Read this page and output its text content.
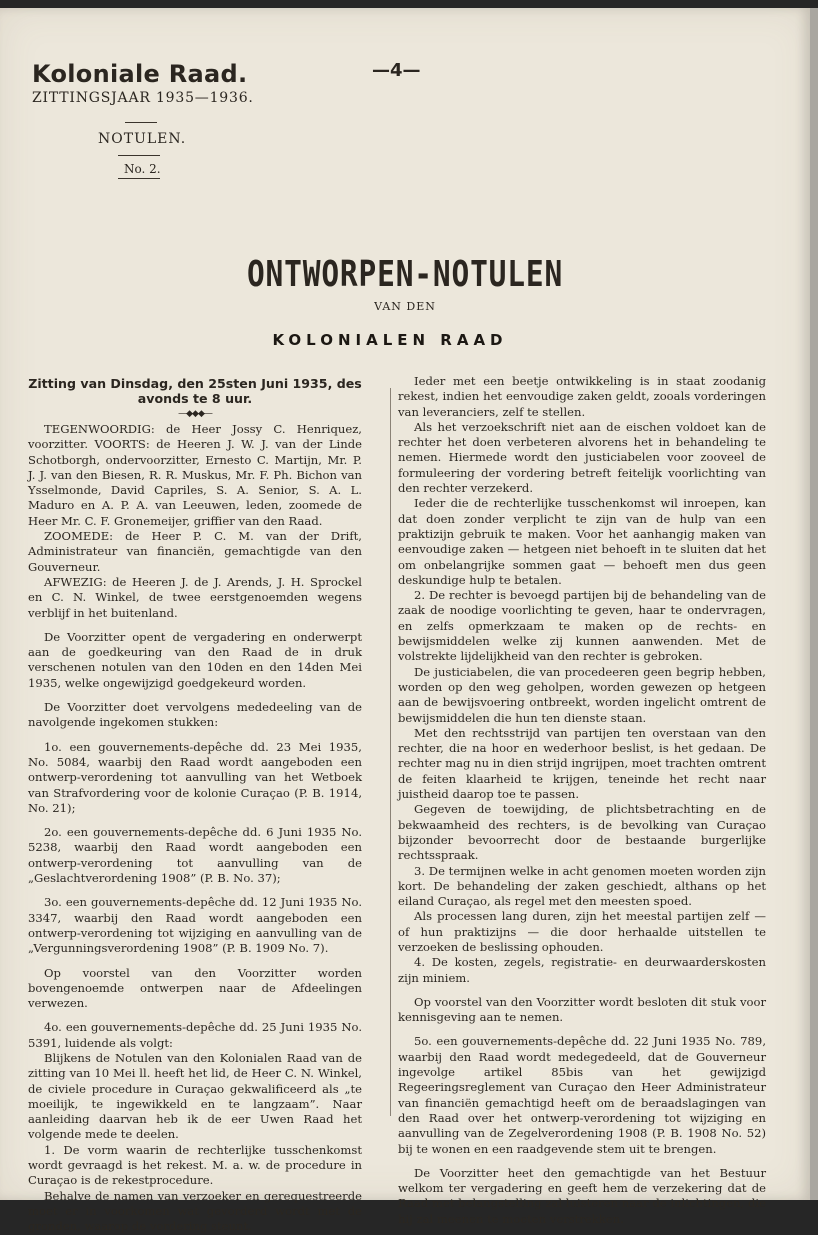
Koloniale Raad.
ZITTINGSJAAR 1935—1936.
—4—
NOTULEN.
No. 2.
ONTWORPEN-NOTULEN
VAN DEN
KOLONIALEN RAAD

Zitting van Dinsdag, den 25sten Juni 1935, des avonds te 8 uur.

—◆◆◆—

TEGENWOORDIG: de Heer Jossy C. Henriquez, voorzitter. VOORTS: de Heeren J. W. J. van der Linde Schotborgh, ondervoorzitter, Ernesto C. Martijn, Mr. P. J. J. van den Biesen, R. R. Muskus, Mr. F. Ph. Bichon van Ysselmonde, David Capriles, S. A. Senior, S. A. L. Maduro en A. P. A. van Leeuwen, leden, zoomede de Heer Mr. C. F. Gronemeijer, griffier van den Raad.

ZOOMEDE: de Heer P. C. M. van der Drift, Administrateur van financiën, gemachtigde van den Gouverneur.

AFWEZIG: de Heeren J. de J. Arends, J. H. Sprockel en C. N. Winkel, de twee eerstgenoemden wegens verblijf in het buitenland.

De Voorzitter opent de vergadering en onderwerpt aan de goedkeuring van den Raad de in druk verschenen notulen van den 10den en den 14den Mei 1935, welke ongewijzigd goedgekeurd worden.

De Voorzitter doet vervolgens mededeeling van de navolgende ingekomen stukken:

1o. een gouvernements-depêche dd. 23 Mei 1935, No. 5084, waarbij den Raad wordt aangeboden een ontwerp-verordening tot aanvulling van het Wetboek van Strafvordering voor de kolonie Curaçao (P. B. 1914, No. 21);

2o. een gouvernements-depêche dd. 6 Juni 1935 No. 5238, waarbij den Raad wordt aangeboden een ontwerp-verordening tot aanvulling van de „Geslachtverordening 1908” (P. B. No. 37);

3o. een gouvernements-depêche dd. 12 Juni 1935 No. 3347, waarbij den Raad wordt aangeboden een ontwerp-verordening tot wijziging en aanvulling van de „Vergunningsverordening 1908” (P. B. 1909 No. 7).

Op voorstel van den Voorzitter worden bovengenoemde ontwerpen naar de Afdeelingen verwezen.

4o. een gouvernements-depêche dd. 25 Juni 1935 No. 5391, luidende als volgt:

Blijkens de Notulen van den Kolonialen Raad van de zitting van 10 Mei ll. heeft het lid, de Heer C. N. Winkel, de civiele procedure in Curaçao gekwalificeerd als „te moeilijk, te ingewikkeld en te langzaam”. Naar aanleiding daarvan heb ik de eer Uwen Raad het volgende mede te deelen.

1. De vorm waarin de rechterlijke tusschenkomst wordt gevraagd is het rekest. M. a. w. de procedure in Curaçao is de rekestprocedure.

Behalve de namen van verzoeker en gerequestreerde moet er in voorkomen wat gevorderd wordt met de gronden, waarop de vordering steunt.

Ieder met een beetje ontwikkeling is in staat zoodanig rekest, indien het eenvoudige zaken geldt, zooals vorderingen van leveranciers, zelf te stellen.

Als het verzoekschrift niet aan de eischen voldoet kan de rechter het doen verbeteren alvorens het in behandeling te nemen. Hiermede wordt den justiciabelen voor zooveel de formuleering der vordering betreft feitelijk voorlichting van den rechter verzekerd.

Ieder die de rechterlijke tusschenkomst wil inroepen, kan dat doen zonder verplicht te zijn van de hulp van een praktizijn gebruik te maken. Voor het aanhangig maken van eenvoudige zaken — hetgeen niet behoeft in te sluiten dat het om onbelangrijke sommen gaat — behoeft men dus geen deskundige hulp te betalen.

2. De rechter is bevoegd partijen bij de behandeling van de zaak de noodige voorlichting te geven, haar te ondervragen, en zelfs opmerkzaam te maken op de rechts- en bewijsmiddelen welke zij kunnen aanwenden. Met de volstrekte lijdelijkheid van den rechter is gebroken.

De justiciabelen, die van procedeeren geen begrip hebben, worden op den weg geholpen, worden gewezen op hetgeen aan de bewijsvoering ontbreekt, worden ingelicht omtrent de bewijsmiddelen die hun ten dienste staan.

Met den rechtsstrijd van partijen ten overstaan van den rechter, die na hoor en wederhoor beslist, is het gedaan. De rechter mag nu in dien strijd ingrijpen, moet trachten omtrent de feiten klaarheid te krijgen, teneinde het recht naar juistheid daarop toe te passen.

Gegeven de toewijding, de plichtsbetrachting en de bekwaamheid des rechters, is de bevolking van Curaçao bijzonder bevoorrecht door de bestaande burgerlijke rechtsspraak.

3. De termijnen welke in acht genomen moeten worden zijn kort. De behandeling der zaken geschiedt, althans op het eiland Curaçao, als regel met den meesten spoed.

Als processen lang duren, zijn het meestal partijen zelf — of hun praktizijns — die door herhaalde uitstellen te verzoeken de beslissing ophouden.

4. De kosten, zegels, registratie- en deurwaarderskosten zijn miniem.

Op voorstel van den Voorzitter wordt besloten dit stuk voor kennisgeving aan te nemen.

5o. een gouvernements-depêche dd. 22 Juni 1935 No. 789, waarbij den Raad wordt medegedeeld, dat de Gouverneur ingevolge artikel 85bis van het gewijzigd Regeeringsreglement van Curaçao den Heer Administrateur van financiën gemachtigd heeft om de beraadslagingen van den Raad over het ontwerp-verordening tot wijziging en aanvulling van de Zegelverordening 1908 (P. B. 1908 No. 52) bij te wonen en een raadgevende stem uit te brengen.

De Voorzitter heet den gemachtigde van het Bestuur welkom ter vergadering en geeft hem de verzekering dat de Raad met belangstelling zal luisteren naar de inlichtingen, die hij zal meenen te moeten verstrekken.
